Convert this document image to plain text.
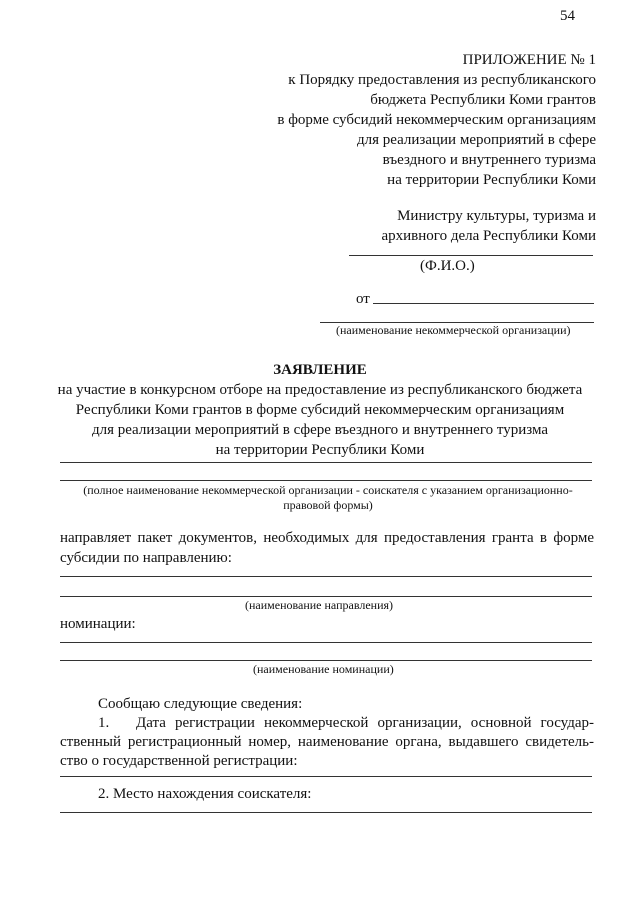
54
ПРИЛОЖЕНИЕ № 1
к Порядку предоставления из республиканского
бюджета Республики Коми грантов
в форме субсидий некоммерческим организациям
для реализации мероприятий в сфере
въездного и внутреннего туризма
на территории Республики Коми
Министру культуры, туризма и
архивного дела Республики Коми
(Ф.И.О.)
от
(наименование некоммерческой организации)
ЗАЯВЛЕНИЕ
на участие в конкурсном отборе на предоставление из республиканского бюджета
Республики Коми грантов в форме субсидий некоммерческим организациям
для реализации мероприятий в сфере въездного и внутреннего туризма
на территории Республики Коми
(полное наименование некоммерческой организации - соискателя с указанием организационно-
правовой формы)
направляет пакет документов, необходимых для предоставления гранта в форме
субсидии по направлению:
(наименование направления)
номинации:
(наименование номинации)
Сообщаю следующие сведения:
1. Дата регистрации некоммерческой организации, основной государ-
ственный регистрационный номер, наименование органа, выдавшего свидетель-
ство о государственной регистрации:
2. Место нахождения соискателя:
